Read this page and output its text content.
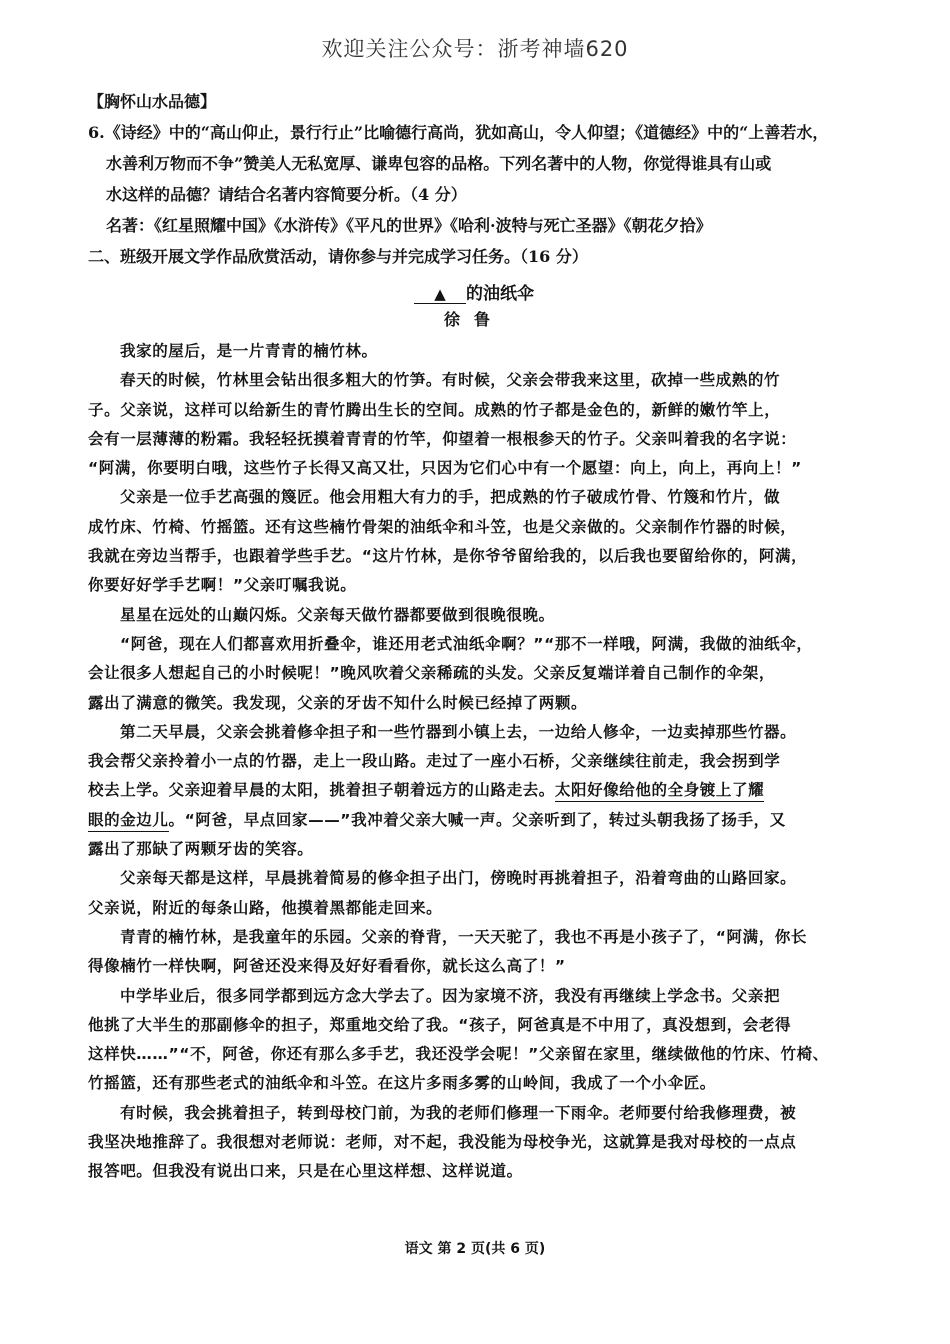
欢迎关注公众号：浙考神墙620
【胸怀山水品德】
6.《诗经》中的“高山仰止，景行行止”比喻德行高尚，犹如高山，令人仰望；《道德经》中的“上善若水，
水善利万物而不争”赞美人无私宽厚、谦卑包容的品格。下列名著中的人物，你觉得谁具有山或
水这样的品德？请结合名著内容简要分析。（4 分）
名著：《红星照耀中国》《水浒传》《平凡的世界》《哈利·波特与死亡圣器》《朝花夕拾》
二、班级开展文学作品欣赏活动，请你参与并完成学习任务。（16 分）
▲ 的油纸伞
徐鲁
我家的屋后，是一片青青的楠竹林。
春天的时候，竹林里会钻出很多粗大的竹笋。有时候，父亲会带我来这里，砍掉一些成熟的竹
子。父亲说，这样可以给新生的青竹腾出生长的空间。成熟的竹子都是金色的，新鲜的嫩竹竿上，
会有一层薄薄的粉霜。我轻轻抚摸着青青的竹竿，仰望着一根根参天的竹子。父亲叫着我的名字说：
“阿满，你要明白哦，这些竹子长得又高又壮，只因为它们心中有一个愿望：向上，向上，再向上！”
父亲是一位手艺高强的篾匠。他会用粗大有力的手，把成熟的竹子破成竹骨、竹篾和竹片，做
成竹床、竹椅、竹摇篮。还有这些楠竹骨架的油纸伞和斗笠，也是父亲做的。父亲制作竹器的时候，
我就在旁边当帮手，也跟着学些手艺。“这片竹林，是你爷爷留给我的，以后我也要留给你的，阿满，
你要好好学手艺啊！”父亲叮嘱我说。
星星在远处的山巅闪烁。父亲每天做竹器都要做到很晚很晚。
“阿爸，现在人们都喜欢用折叠伞，谁还用老式油纸伞啊？”“那不一样哦，阿满，我做的油纸伞，
会让很多人想起自己的小时候呢！”晚风吹着父亲稀疏的头发。父亲反复端详着自己制作的伞架，
露出了满意的微笑。我发现，父亲的牙齿不知什么时候已经掉了两颗。
第二天早晨，父亲会挑着修伞担子和一些竹器到小镇上去，一边给人修伞，一边卖掉那些竹器。
我会帮父亲拎着小一点的竹器，走上一段山路。走过了一座小石桥，父亲继续往前走，我会拐到学
校去上学。父亲迎着早晨的太阳，挑着担子朝着远方的山路走去。太阳好像给他的全身镀上了耀
眼的金边儿。“阿爸，早点回家——”我冲着父亲大喊一声。父亲听到了，转过头朝我扬了扬手，又
露出了那缺了两颗牙齿的笑容。
父亲每天都是这样，早晨挑着简易的修伞担子出门，傍晚时再挑着担子，沿着弯曲的山路回家。
父亲说，附近的每条山路，他摸着黑都能走回来。
青青的楠竹林，是我童年的乐园。父亲的脊背，一天天驼了，我也不再是小孩子了，“阿满，你长
得像楠竹一样快啊，阿爸还没来得及好好看看你，就长这么高了！”
中学毕业后，很多同学都到远方念大学去了。因为家境不济，我没有再继续上学念书。父亲把
他挑了大半生的那副修伞的担子，郑重地交给了我。“孩子，阿爸真是不中用了，真没想到，会老得
这样快……”“不，阿爸，你还有那么多手艺，我还没学会呢！”父亲留在家里，继续做他的竹床、竹椅、
竹摇篮，还有那些老式的油纸伞和斗笠。在这片多雨多雾的山岭间，我成了一个小伞匠。
有时候，我会挑着担子，转到母校门前，为我的老师们修理一下雨伞。老师要付给我修理费，被
我坚决地推辞了。我很想对老师说：老师，对不起，我没能为母校争光，这就算是我对母校的一点点
报答吧。但我没有说出口来，只是在心里这样想、这样说道。
语文 第 2 页(共 6 页)
